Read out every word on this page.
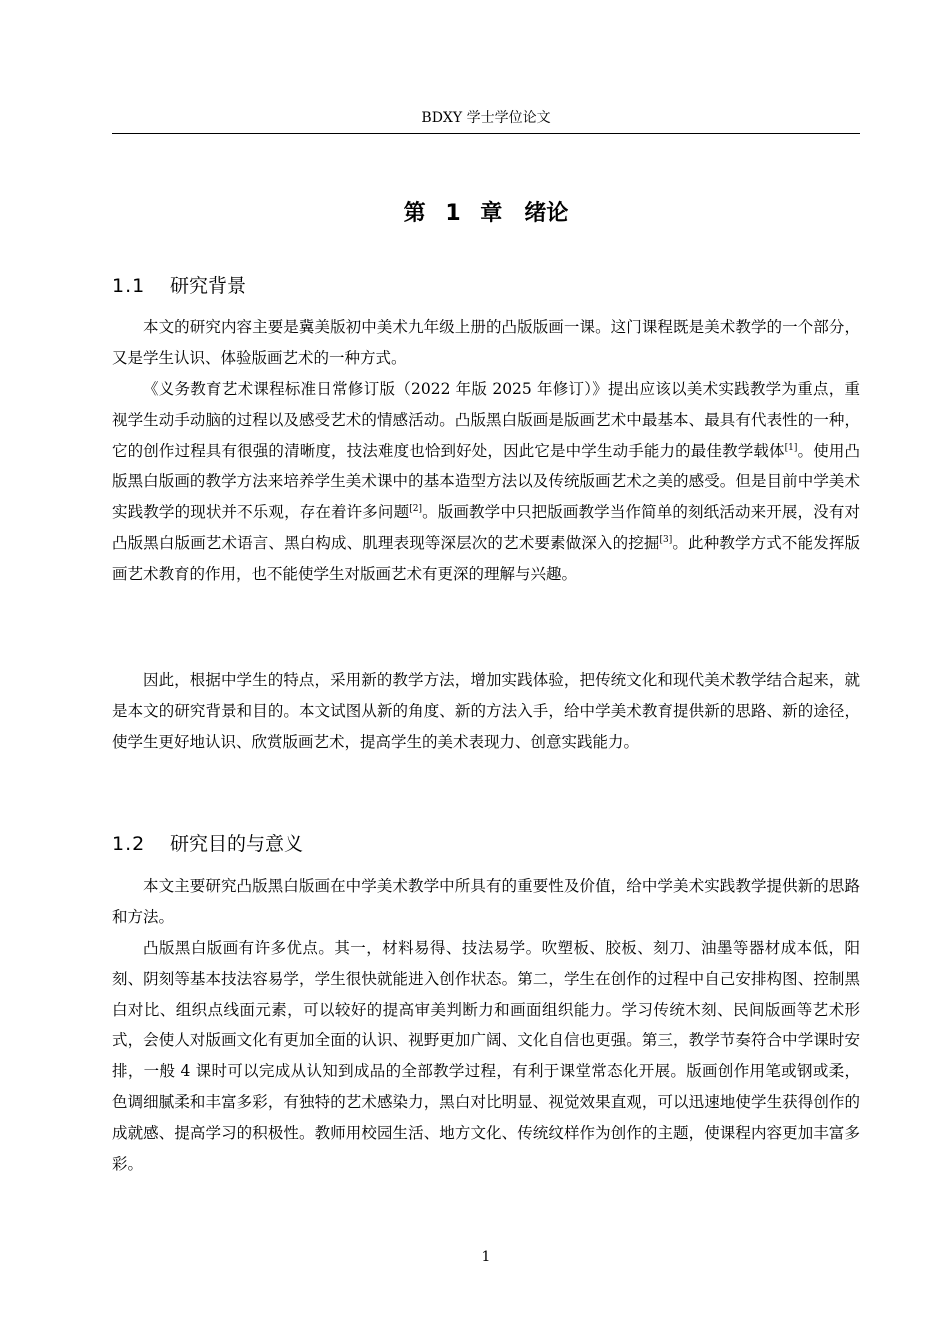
BDXY 学士学位论文
第 1 章 绪论
1.1 研究背景

本文的研究内容主要是冀美版初中美术九年级上册的凸版版画一课。这门课程既是美术教学的一个部分，又是学生认识、体验版画艺术的一种方式。

《义务教育艺术课程标准日常修订版（2022 年版 2025 年修订）》提出应该以美术实践教学为重点，重视学生动手动脑的过程以及感受艺术的情感活动。凸版黑白版画是版画艺术中最基本、最具有代表性的一种，它的创作过程具有很强的清晰度，技法难度也恰到好处，因此它是中学生动手能力的最佳教学载体[1]。使用凸版黑白版画的教学方法来培养学生美术课中的基本造型方法以及传统版画艺术之美的感受。但是目前中学美术实践教学的现状并不乐观，存在着许多问题[2]。版画教学中只把版画教学当作简单的刻纸活动来开展，没有对凸版黑白版画艺术语言、黑白构成、肌理表现等深层次的艺术要素做深入的挖掘[3]。此种教学方式不能发挥版画艺术教育的作用，也不能使学生对版画艺术有更深的理解与兴趣。

因此，根据中学生的特点，采用新的教学方法，增加实践体验，把传统文化和现代美术教学结合起来，就是本文的研究背景和目的。本文试图从新的角度、新的方法入手，给中学美术教育提供新的思路、新的途径，使学生更好地认识、欣赏版画艺术，提高学生的美术表现力、创意实践能力。

1.2 研究目的与意义

本文主要研究凸版黑白版画在中学美术教学中所具有的重要性及价值，给中学美术实践教学提供新的思路和方法。

凸版黑白版画有许多优点。其一，材料易得、技法易学。吹塑板、胶板、刻刀、油墨等器材成本低，阳刻、阴刻等基本技法容易学，学生很快就能进入创作状态。第二，学生在创作的过程中自己安排构图、控制黑白对比、组织点线面元素，可以较好的提高审美判断力和画面组织能力。学习传统木刻、民间版画等艺术形式，会使人对版画文化有更加全面的认识、视野更加广阔、文化自信也更强。第三，教学节奏符合中学课时安排，一般 4 课时可以完成从认知到成品的全部教学过程，有利于课堂常态化开展。版画创作用笔或钢或柔，色调细腻柔和丰富多彩，有独特的艺术感染力，黑白对比明显、视觉效果直观，可以迅速地使学生获得创作的成就感、提高学习的积极性。教师用校园生活、地方文化、传统纹样作为创作的主题，使课程内容更加丰富多彩。

1
